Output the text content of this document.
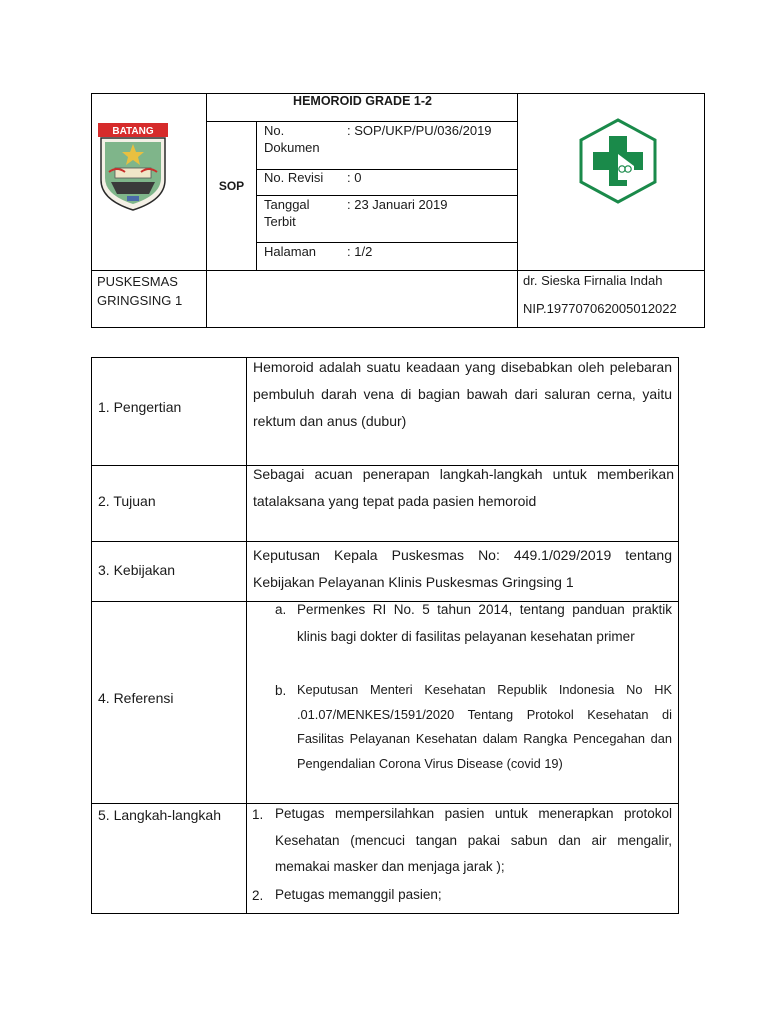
BATANG
HEMOROID GRADE 1-2
SOP
No.
Dokumen
: SOP/UKP/PU/036/2019
No. Revisi : 0
Tanggal
Terbit
: 23 Januari 2019
Halaman : 1/2
PUSKESMAS
GRINGSING 1
dr. Sieska Firnalia Indah
NIP.197707062005012022
1. Pengertian
Hemoroid adalah suatu keadaan yang disebabkan oleh pelebaran pembuluh darah vena di bagian bawah dari saluran cerna, yaitu rektum dan anus (dubur)
2. Tujuan
Sebagai acuan penerapan langkah-langkah untuk memberikan tatalaksana yang tepat pada pasien hemoroid
3. Kebijakan
Keputusan Kepala Puskesmas No: 449.1/029/2019 tentang Kebijakan Pelayanan Klinis Puskesmas Gringsing 1
4. Referensi
a. Permenkes RI No. 5 tahun 2014, tentang panduan praktik klinis bagi dokter di fasilitas pelayanan kesehatan primer
b. Keputusan Menteri Kesehatan Republik Indonesia No HK .01.07/MENKES/1591/2020 Tentang Protokol Kesehatan di Fasilitas Pelayanan Kesehatan dalam Rangka Pencegahan dan Pengendalian Corona Virus Disease (covid 19)
5. Langkah-langkah 1. Petugas mempersilahkan pasien untuk menerapkan protokol Kesehatan (mencuci tangan pakai sabun dan air mengalir, memakai masker dan menjaga jarak );
2. Petugas memanggil pasien;
